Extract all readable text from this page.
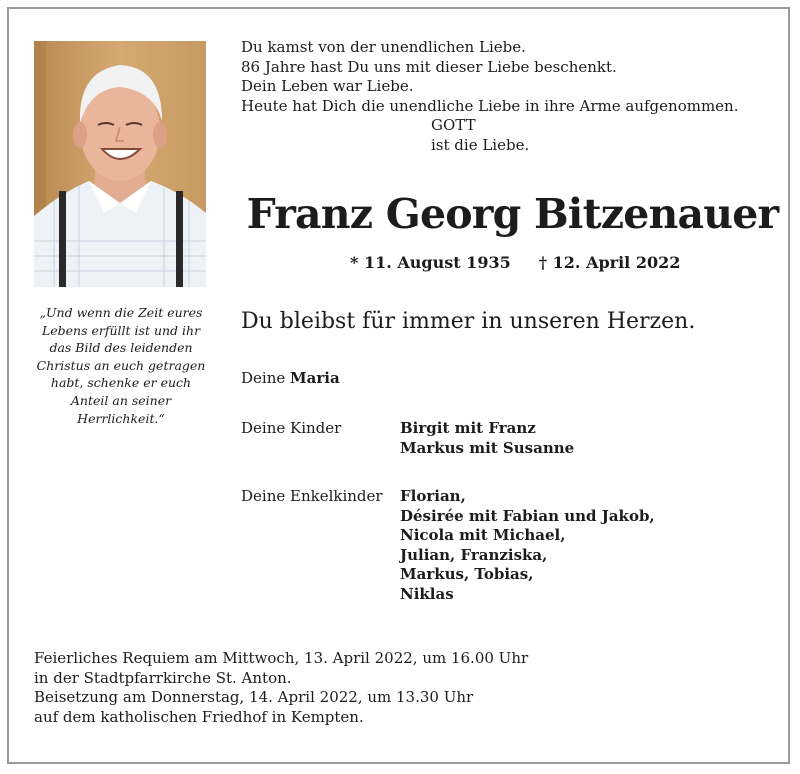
Du kamst von der unendlichen Liebe.
86 Jahre hast Du uns mit dieser Liebe beschenkt.
Dein Leben war Liebe.
Heute hat Dich die unendliche Liebe in ihre Arme aufgenommen.
GOTT
ist die Liebe.
„Und wenn die Zeit eures Lebens erfüllt ist und ihr das Bild des leidenden Christus an euch getragen habt, schenke er euch Anteil an seiner Herrlichkeit.“
Franz Georg Bitzenauer
* 11. August 1935 † 12. April 2022
Du bleibst für immer in unseren Herzen.
Deine Maria
Deine Kinder	Birgit mit Franz
Markus mit Susanne
Deine Enkelkinder Florian,
Désirée mit Fabian und Jakob,
Nicola mit Michael,
Julian, Franziska,
Markus, Tobias,
Niklas
Feierliches Requiem am Mittwoch, 13. April 2022, um 16.00 Uhr
in der Stadtpfarrkirche St. Anton.
Beisetzung am Donnerstag, 14. April 2022, um 13.30 Uhr
auf dem katholischen Friedhof in Kempten.
